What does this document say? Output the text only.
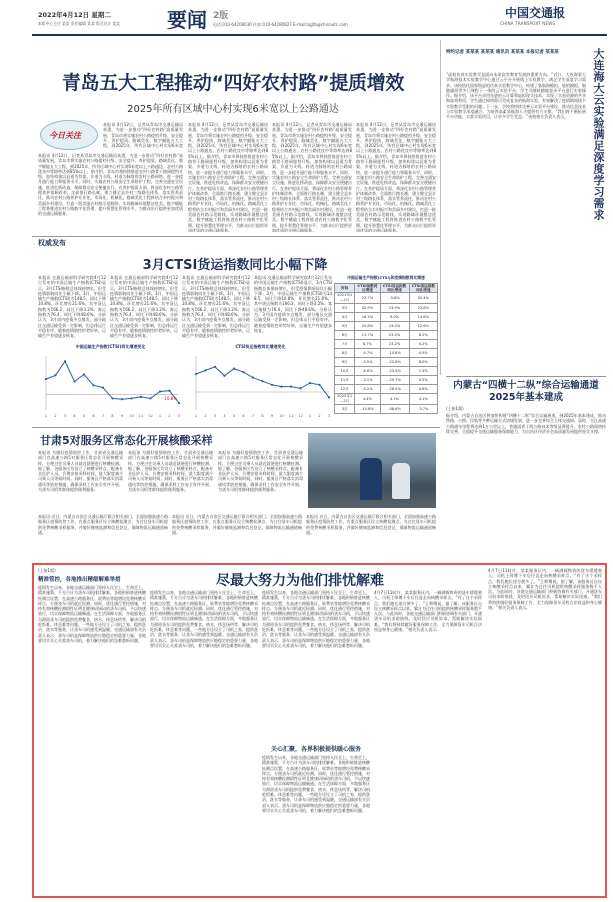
2022年4月12日 星期二
本版中心主任 某某 责任编辑 某某 版式设计 某某 要闻 2版
电话:010-64208030 传真:010-64280827 E-mail:zgjtb@chinautc.com
中国交通报
CHINA TRANSPORT NEWS
青岛五大工程推动“四好农村路”提质增效
2025年所有区域中心村实现6米宽以上公路通达
今日关注
本报讯 4月12日，记者从青岛市交通运输局获悉，为进一步推动“四好农村路”高质量发展，青岛市将实施农村公路提档升级、安全提升、养护提质、路域美化、数字赋能五大工程，到2025年，所有区域中心村实现6米宽
本报讯 4月12日，记者从青岛市交通运输局获悉，为进一步推动“四好农村路”高质量发展，青岛市将实施农村公路提档升级、安全提升、养护提质、路域美化、数字赋能五大工程，到2025年，所有区域中心村实现6米宽以上公路通达，农村公路优良中等路率达到85%以上。据介绍，青岛市将持续推进农村公路骨干路网提档升级，加快构建以县道为骨架、乡道为支线、村道为脉络的农村公路网络，进一步提升通行能力和服务水平。同时，实施农村公路安全生命防护工程，完善交通安全设施，推进危桥改造，保障群众安全便捷出行。在养护提质方面，将深化农村公路管理养护体制改革，全面推行路长制，建立健全县乡村三级路长体系，落实管养责任，推动农村公路养护专业化、市场化、机械化。路域美化工程将结合乡村振兴和美丽乡村建设，打造一批美丽农村路示范路线，实现路域环境整洁优美。数字赋能工程将推进农村公路数字化管理，提升智慧化管理水平，为群众出行提供更加优质的交通运输服务。
本报讯 4月12日，记者从青岛市交通运输局获悉，为进一步推动“四好农村路”高质量发展，青岛市将实施农村公路提档升级、安全提升、养护提质、路域美化、数字赋能五大工程，到2025年，所有区域中心村实现6米宽以上公路通达，农村公路优良中等路率达到85%以上。据介绍，青岛市将持续推进农村公路骨干路网提档升级，加快构建以县道为骨架、乡道为支线、村道为脉络的农村公路网络，进一步提升通行能力和服务水平。同时，实施农村公路安全生命防护工程，完善交通安全设施，推进危桥改造，保障群众安全便捷出行。在养护提质方面，将深化农村公路管理养护体制改革，全面推行路长制，建立健全县乡村三级路长体系，落实管养责任，推动农村公路养护专业化、市场化、机械化。路域美化工程将结合乡村振兴和美丽乡村建设，打造一批美丽农村路示范路线，实现路域环境整洁优美。数字赋能工程将推进农村公路数字化管理，提升智慧化管理水平，为群众出行提供更加优质的交通运输服务。
本报讯 4月12日，记者从青岛市交通运输局获悉，为进一步推动“四好农村路”高质量发展，青岛市将实施农村公路提档升级、安全提升、养护提质、路域美化、数字赋能五大工程，到2025年，所有区域中心村实现6米宽以上公路通达，农村公路优良中等路率达到85%以上。据介绍，青岛市将持续推进农村公路骨干路网提档升级，加快构建以县道为骨架、乡道为支线、村道为脉络的农村公路网络，进一步提升通行能力和服务水平。同时，实施农村公路安全生命防护工程，完善交通安全设施，推进危桥改造，保障群众安全便捷出行。在养护提质方面，将深化农村公路管理养护体制改革，全面推行路长制，建立健全县乡村三级路长体系，落实管养责任，推动农村公路养护专业化、市场化、机械化。路域美化工程将结合乡村振兴和美丽乡村建设，打造一批美丽农村路示范路线，实现路域环境整洁优美。数字赋能工程将推进农村公路数字化管理，提升智慧化管理水平，为群众出行提供更加优质的交通运输服务。
本报讯 4月12日，记者从青岛市交通运输局获悉，为进一步推动“四好农村路”高质量发展，青岛市将实施农村公路提档升级、安全提升、养护提质、路域美化、数字赋能五大工程，到2025年，所有区域中心村实现6米宽以上公路通达，农村公路优良中等路率达到85%以上。据介绍，青岛市将持续推进农村公路骨干路网提档升级，加快构建以县道为骨架、乡道为支线、村道为脉络的农村公路网络，进一步提升通行能力和服务水平。同时，实施农村公路安全生命防护工程，完善交通安全设施，推进危桥改造，保障群众安全便捷出行。在养护提质方面，将深化农村公路管理养护体制改革，全面推行路长制，建立健全县乡村三级路长体系，落实管养责任，推动农村公路养护专业化、市场化、机械化。路域美化工程将结合乡村振兴和美丽乡村建设，打造一批美丽农村路示范路线，实现路域环境整洁优美。数字赋能工程将推进农村公路数字化管理，提升智慧化管理水平，为群众出行提供更加优质的交通运输服务。
大连海大云实验满足深度学习需求
特约记者 某某某 某某某 通讯员 某某某 本报记者 某某某
“虚拟仿真实验教学是面向未来高等教育发展的重要方向。”近日，大连海事大学航海技术实验教学中心通过云平台开展线上实验教学，满足学生深度学习需求。该校依托国家级虚拟仿真实验教学中心，构建了集航海模拟、轮机模拟、船舶操纵等多门课程于一体的云实验平台，学生可随时随地登录平台进行实验操作。据介绍，该平台采用先进的云计算和虚拟现实技术，实现了实验资源的共享和高效利用，学生通过网络即可完成复杂的航海实验，有效解决了疫情期间线下实验教学受限的问题。下一步，学校将持续完善云实验平台建设，推动信息技术与实验教学深度融合，为培养高素质航海人才提供有力支撑。“我们将不断拓展平台功能，丰富实验项目，让更多学生受益。”该校相关负责人表示。
权威发布
3月CTSI货运指数同比小幅下降
本报讯 交通运输部科学研究院4月12日发布的中国运输生产指数(CTSI)显示，3月CTSI指数总体保持增长，但受疫情影响同比小幅下降。3月，中国运输生产指数(CTSI)为148.5，同比下降10.8%，环比增长21.6%，其中货运指数为166.2，同比下降3.2%；客运指数为76.4，同比下降48.6%。分析认为，3月国内疫情多点散发，部分地区交通运输受到一定影响，但总体运行平稳有序。随着疫情防控形势好转，运输生产有望逐步恢复。
本报讯 交通运输部科学研究院4月12日发布的中国运输生产指数(CTSI)显示，3月CTSI指数总体保持增长，但受疫情影响同比小幅下降。3月，中国运输生产指数(CTSI)为148.5，同比下降10.8%，环比增长21.6%，其中货运指数为166.2，同比下降3.2%；客运指数为76.4，同比下降48.6%。分析认为，3月国内疫情多点散发，部分地区交通运输受到一定影响，但总体运行平稳有序。随着疫情防控形势好转，运输生产有望逐步恢复。
本报讯 交通运输部科学研究院4月12日发布的中国运输生产指数(CTSI)显示，3月CTSI指数总体保持增长，但受疫情影响同比小幅下降。3月，中国运输生产指数(CTSI)为148.5，同比下降10.8%，环比增长21.6%，其中货运指数为166.2，同比下降3.2%；客运指数为76.4，同比下降48.6%。分析认为，3月国内疫情多点散发，部分地区交通运输受到一定影响，但总体运行平稳有序。随着疫情防控形势好转，运输生产有望逐步恢复。
本报讯 交通运输部科学研究院4月12日发布的中国运输生产指数(CTSI)显示，3月CTSI指数总体保持增长，但受疫情影响同比小幅下降。3月，中国运输生产指数(CTSI)为148.5，同比下降10.8%，环比增长21.6%，其中货运指数为166.2，同比下降3.2%；客运指数为76.4，同比下降48.6%。分析认为，3月国内疫情多点散发，部分地区交通运输受到一定影响，但总体运行平稳有序。随着疫情防控形势好转，运输生产有望逐步恢复。
中国运输生产指数(CTSI)和疫情指数同比增速
时间	CTSI指数同比增速	CTSI货运指数同比增速	CTSI客运指数同比增速
2021年1—2月	22.7%	-9.6%	32.4%
3月	42.9%	13.9%	23.6%
4月	16.5%	9.0%	14.6%
5月	25.8%	13.0%	12.6%
6月	11.7%	23.4%	8.2%
7月	8.7%	23.2%	4.2%
8月	-4.7%	-14.8%	4.9%
9月	-5.5%	-22.8%	6.0%
10月	-4.6%	-23.5%	1.5%
11月	-3.1%	-29.7%	4.5%
12月	-5.2%	-26.4%	4.6%
2022年1—2月	4.4%	4.7%	4.1%
3月	-10.8%	-48.6%	-3.7%
中国运输生产指数(CTSI)同比增速变化
1 2 3 4 5 6 7 8 9 10 11 12 1 2 3
-10.8%
CTSI货运指数同比增速变化
1 2 3 4 5 6 7 8 9 10 11 12 1 2 3
甘肃5对服务区常态化开展核酸采样
本报讯 为做好疫情防控工作，甘肃省交通运输部门在高速公路5对服务区常态化开展核酸采样，方便过往司乘人员就近就便进行核酸检测。据了解，各服务区均设立了核酸采样点，配备专业医护人员，合理安排采样时间，最大限度减少司乘人员等候时间。同时，服务区严格落实消毒通风等防控措施，确保采样工作安全有序开展，为货车司机等群体提供便利服务。
本报讯 为做好疫情防控工作，甘肃省交通运输部门在高速公路5对服务区常态化开展核酸采样，方便过往司乘人员就近就便进行核酸检测。据了解，各服务区均设立了核酸采样点，配备专业医护人员，合理安排采样时间，最大限度减少司乘人员等候时间。同时，服务区严格落实消毒通风等防控措施，确保采样工作安全有序开展，为货车司机等群体提供便利服务。
本报讯 为做好疫情防控工作，甘肃省交通运输部门在高速公路5对服务区常态化开展核酸采样，方便过往司乘人员就近就便进行核酸检测。据了解，各服务区均设立了核酸采样点，配备专业医护人员，合理安排采样时间，最大限度减少司乘人员等候时间。同时，服务区严格落实消毒通风等防控措施，确保采样工作安全有序开展，为货车司机等群体提供便利服务。
本报讯 近日，内蒙古自治区交通运输厅联合相关部门，全面加强高速公路服务区疫情防控工作，在重点服务区设立核酸检测点，为过往货车司机提供免费核酸采样服务，并做好健康监测和信息登记，保障物流运输通道畅通。
本报讯 近日，内蒙古自治区交通运输厅联合相关部门，全面加强高速公路服务区疫情防控工作，在重点服务区设立核酸检测点，为过往货车司机提供免费核酸采样服务，并做好健康监测和信息登记，保障物流运输通道畅通。
本报讯 近日，内蒙古自治区交通运输厅联合相关部门，全面加强高速公路服务区疫情防控工作，在重点服务区设立核酸检测点，为过往货车司机提供免费核酸采样服务，并做好健康监测和信息登记，保障物流运输通道畅通。
内蒙古“四横十二纵”综合运输通道2025年基本建成
(上接1版)
据介绍，内蒙古自治区将加快构建“四横十二纵”综合运输通道，到2025年基本建成，推动铁路、公路、民航等多种运输方式协调发展，进一步完善综合立体交通网。届时，全区高速公路通车里程将达到1万公里以上，普通国省干线公路技术等级显著提升，农村公路网络持续完善，全面提升交通运输服务保障能力，为自治区经济社会高质量发展提供坚实支撑。
(上接1版)
精准管控，各地推出精细解难举措	尽最大努力为他们排忧解难
疫情发生以来，各地交通运输部门坚持人民至上、生命至上，精准施策，千方百计为货车司机排忧解难。各地积极推进核酸检测点设置，在高速公路服务区、收费站等地增设免费核酸采样点，方便货车司机就近检测。同时，优化通行管控措施，对持有效核酸检测阴性证明且健康码绿码的货车司机，予以快速放行，切实保障物流运输畅通。在生活保障方面，多地服务区为滞留货车司机提供免费餐食、热水、休息场所等，解决司机吃饭难、休息难等问题。一些地方还设立了司机之家，提供洗浴、洗衣等服务，让货车司机感受到温暖。交通运输部有关负责人表示，货车司机是保障物流供应链稳定的重要力量，各地要切实关心关爱货车司机，着力解决他们的急难愁盼问题。
疫情发生以来，各地交通运输部门坚持人民至上、生命至上，精准施策，千方百计为货车司机排忧解难。各地积极推进核酸检测点设置，在高速公路服务区、收费站等地增设免费核酸采样点，方便货车司机就近检测。同时，优化通行管控措施，对持有效核酸检测阴性证明且健康码绿码的货车司机，予以快速放行，切实保障物流运输畅通。在生活保障方面，多地服务区为滞留货车司机提供免费餐食、热水、休息场所等，解决司机吃饭难、休息难等问题。一些地方还设立了司机之家，提供洗浴、洗衣等服务，让货车司机感受到温暖。交通运输部有关负责人表示，货车司机是保障物流供应链稳定的重要力量，各地要切实关心关爱货车司机，着力解决他们的急难愁盼问题。
疫情发生以来，各地交通运输部门坚持人民至上、生命至上，精准施策，千方百计为货车司机排忧解难。各地积极推进核酸检测点设置，在高速公路服务区、收费站等地增设免费核酸采样点，方便货车司机就近检测。同时，优化通行管控措施，对持有效核酸检测阴性证明且健康码绿码的货车司机，予以快速放行，切实保障物流运输畅通。在生活保障方面，多地服务区为滞留货车司机提供免费餐食、热水、休息场所等，解决司机吃饭难、休息难等问题。一些地方还设立了司机之家，提供洗浴、洗衣等服务，让货车司机感受到温暖。交通运输部有关负责人表示，货车司机是保障物流供应链稳定的重要力量，各地要切实关心关爱货车司机，着力解决他们的急难愁盼问题。
关心汇聚，各界积极提供暖心服务
疫情发生以来，各地交通运输部门坚持人民至上、生命至上，精准施策，千方百计为货车司机排忧解难。各地积极推进核酸检测点设置，在高速公路服务区、收费站等地增设免费核酸采样点，方便货车司机就近检测。同时，优化通行管控措施，对持有效核酸检测阴性证明且健康码绿码的货车司机，予以快速放行，切实保障物流运输畅通。在生活保障方面，多地服务区为滞留货车司机提供免费餐食、热水、休息场所等，解决司机吃饭难、休息难等问题。一些地方还设立了司机之家，提供洗浴、洗衣等服务，让货车司机感受到温暖。交通运输部有关负责人表示，货车司机是保障物流供应链稳定的重要力量，各地要切实关心关爱货车司机，着力解决他们的急难愁盼问题。
4月7日11时许，某某服务区内，一辆满载物资的货车缓缓驶入，司机王师傅下车后径直走向核酸采样点。“有了这个采样点，我们跑长途方便多了。”王师傅说。据了解，该服务区自设立核酸采样点以来，累计为过往司机提供核酸采样服务数千人次。与此同时，各地交通运输部门积极协调有关部门，开通货车司机求助热线，及时回应司机诉求，帮助解决实际困难。“我们将持续做好服务保障工作，全力保障货车司机合法权益和身心健康。”相关负责人表示。
4月7日11时许，某某服务区内，一辆满载物资的货车缓缓驶入，司机王师傅下车后径直走向核酸采样点。“有了这个采样点，我们跑长途方便多了。”王师傅说。据了解，该服务区自设立核酸采样点以来，累计为过往司机提供核酸采样服务数千人次。与此同时，各地交通运输部门积极协调有关部门，开通货车司机求助热线，及时回应司机诉求，帮助解决实际困难。“我们将持续做好服务保障工作，全力保障货车司机合法权益和身心健康。”相关负责人表示。
